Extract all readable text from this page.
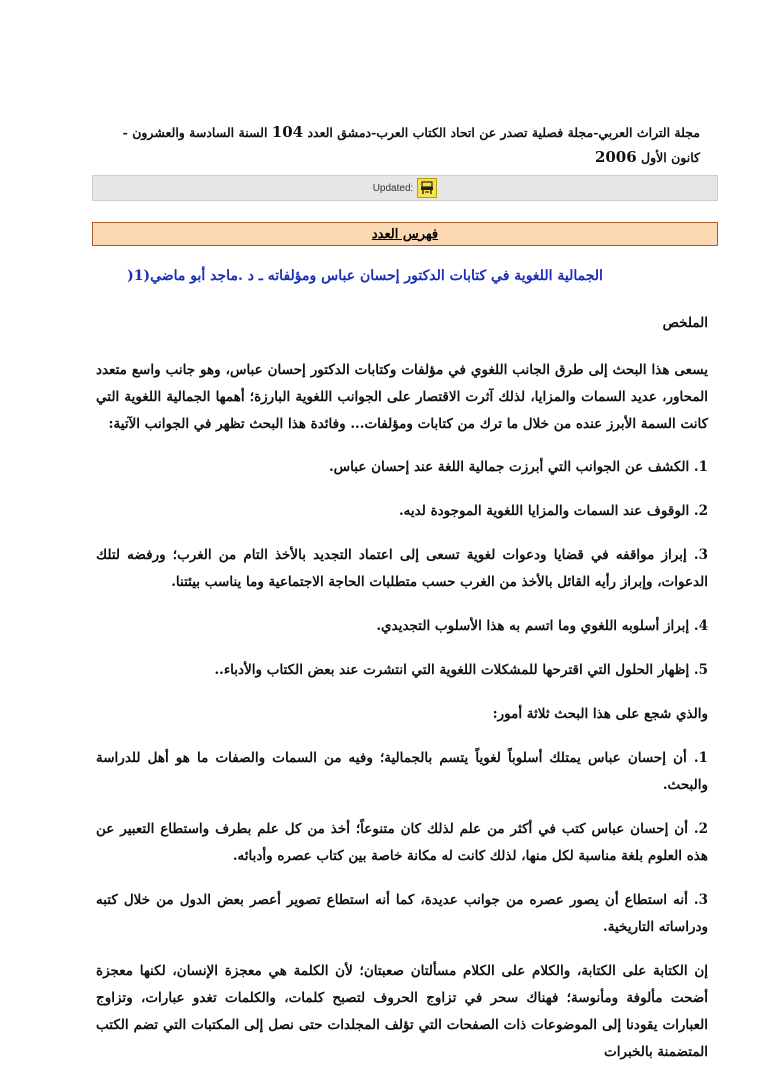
مجلة التراث العربي-مجلة فصلية تصدر عن اتحاد الكتاب العرب-دمشق العدد 104 السنة السادسة والعشرون - كانون الأول 2006
Updated:
فهرس العدد
الجمالية اللغوية في كتابات الدكتور إحسان عباس ومؤلفاته ـ د .ماجد أبو ماضي(1(

الملخص

يسعى هذا البحث إلى طرق الجانب اللغوي في مؤلفات وكتابات الدكتور إحسان عباس، وهو جانب واسع متعدد المحاور، عديد السمات والمزايا، لذلك آثرت الاقتصار على الجوانب اللغوية البارزة؛ أهمها الجمالية اللغوية التي كانت السمة الأبرز عنده من خلال ما ترك من كتابات ومؤلفات... وفائدة هذا البحث تظهر في الجوانب الآتية:

1. الكشف عن الجوانب التي أبرزت جمالية اللغة عند إحسان عباس.

2. الوقوف عند السمات والمزايا اللغوية الموجودة لديه.

3. إبراز مواقفه في قضايا ودعوات لغوية تسعى إلى اعتماد التجديد بالأخذ التام من الغرب؛ ورفضه لتلك الدعوات، وإبراز رأيه القائل بالأخذ من الغرب حسب متطلبات الحاجة الاجتماعية وما يناسب بيئتنا.

4. إبراز أسلوبه اللغوي وما اتسم به هذا الأسلوب التجديدي.

5. إظهار الحلول التي اقترحها للمشكلات اللغوية التي انتشرت عند بعض الكتاب والأدباء..

والذي شجع على هذا البحث ثلاثة أمور:

1. أن إحسان عباس يمتلك أسلوباً لغوياً يتسم بالجمالية؛ وفيه من السمات والصفات ما هو أهل للدراسة والبحث.

2. أن إحسان عباس كتب في أكثر من علم لذلك كان متنوعاً؛ أخذ من كل علم بطرف واستطاع التعبير عن هذه العلوم بلغة مناسبة لكل منها، لذلك كانت له مكانة خاصة بين كتاب عصره وأدبائه.

3. أنه استطاع أن يصور عصره من جوانب عديدة، كما أنه استطاع تصوير أعصر بعض الدول من خلال كتبه ودراساته التاريخية.

إن الكتابة على الكتابة، والكلام على الكلام مسألتان صعبتان؛ لأن الكلمة هي معجزة الإنسان، لكنها معجزة أضحت مألوفة ومأنوسة؛ فهناك سحر في تزاوج الحروف لتصبح كلمات، والكلمات تغدو عبارات، وتزاوج العبارات يقودنا إلى الموضوعات ذات الصفحات التي تؤلف المجلدات حتى نصل إلى المكتبات التي تضم الكتب المتضمنة بالخبرات
